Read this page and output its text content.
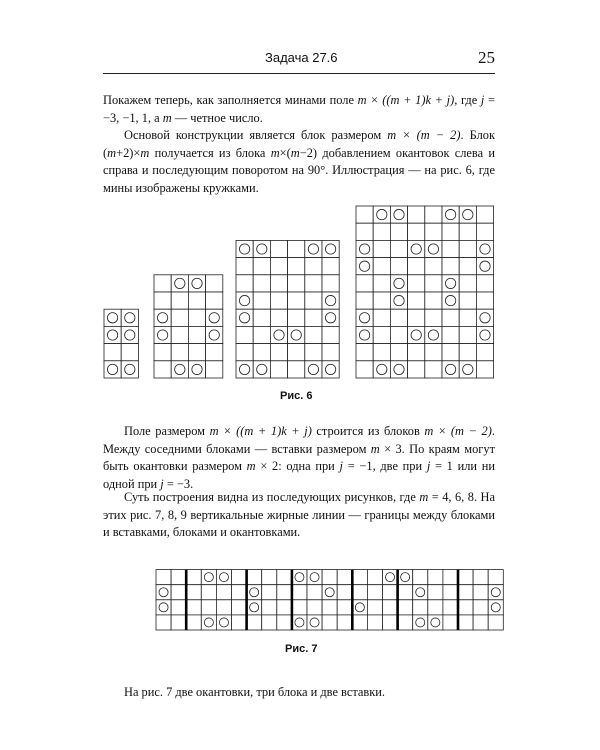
Задача 27.6	25

Покажем теперь, как заполняется минами поле m × ((m + 1)k + j), где j = −3, −1, 1, а m — четное число.

Основой конструкции является блок размером m × (m − 2). Блок (m+2)×m получается из блока m×(m−2) добавлением окантовок слева и справа и последующим поворотом на 90°. Иллюстрация — на рис. 6, где мины изображены кружками.

Рис. 6

Поле размером m × ((m + 1)k + j) строится из блоков m × (m − 2). Между соседними блоками — вставки размером m × 3. По краям могут быть окантовки размером m × 2: одна при j = −1, две при j = 1 или ни одной при j = −3.

Суть построения видна из последующих рисунков, где m = 4, 6, 8. На этих рис. 7, 8, 9 вертикальные жирные линии — границы между блоками и вставками, блоками и окантовками.

Рис. 7

На рис. 7 две окантовки, три блока и две вставки.
